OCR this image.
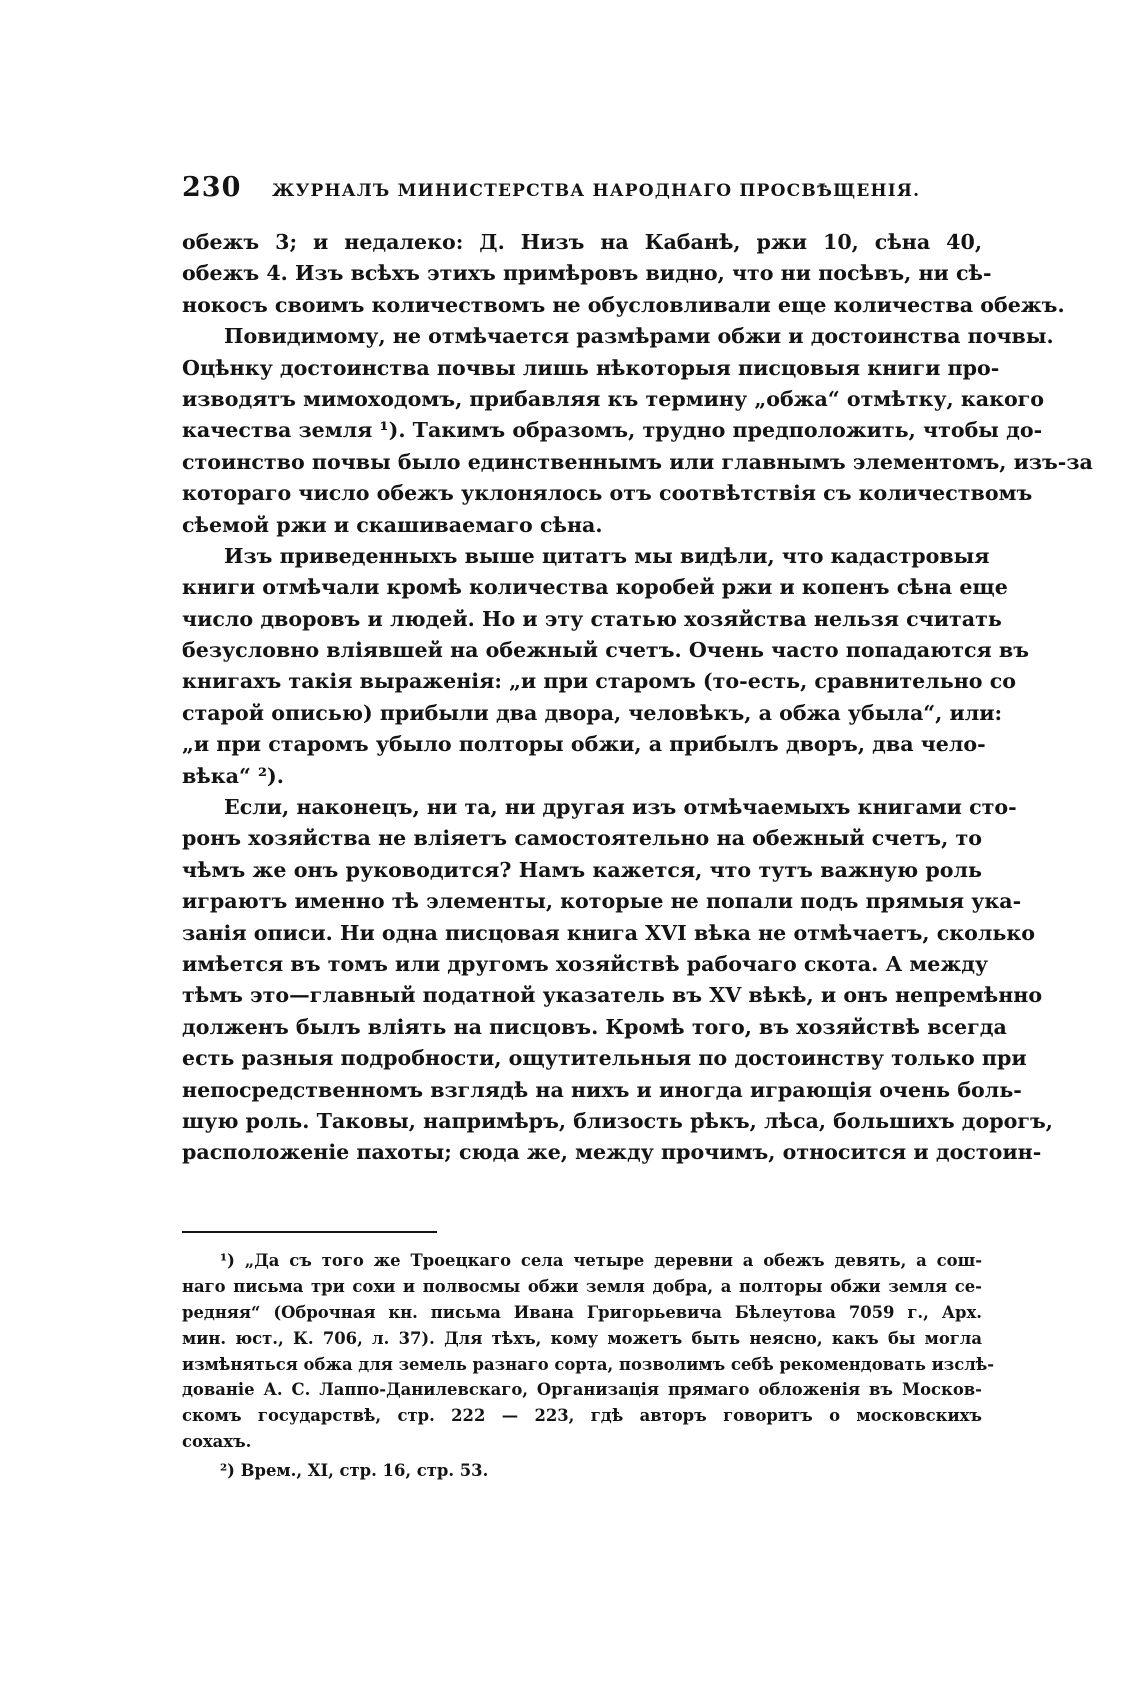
230	ЖУРНАЛЪ МИНИСТЕРСТВА НАРОДНАГО ПРОСВѢЩЕНІЯ.
обежъ 3; и недалеко: Д. Низъ на Кабанѣ, ржи 10, сѣна 40,
обежъ 4. Изъ всѣхъ этихъ примѣровъ видно, что ни посѣвъ, ни сѣ-
нокосъ своимъ количествомъ не обусловливали еще количества обежъ.
Повидимому, не отмѣчается размѣрами обжи и достоинства почвы.
Оцѣнку достоинства почвы лишь нѣкоторыя писцовыя книги про-
изводятъ мимоходомъ, прибавляя къ термину „обжа“ отмѣтку, какого
качества земля ¹). Такимъ образомъ, трудно предположить, чтобы до-
стоинство почвы было единственнымъ или главнымъ элементомъ, изъ-за
котораго число обежъ уклонялось отъ соотвѣтствія съ количествомъ
сѣемой ржи и скашиваемаго сѣна.
Изъ приведенныхъ выше цитатъ мы видѣли, что кадастровыя
книги отмѣчали кромѣ количества коробей ржи и копенъ сѣна еще
число дворовъ и людей. Но и эту статью хозяйства нельзя считать
безусловно вліявшей на обежный счетъ. Очень часто попадаются въ
книгахъ такія выраженія: „и при старомъ (то-есть, сравнительно со
старой описью) прибыли два двора, человѣкъ, а обжа убыла“, или:
„и при старомъ убыло полторы обжи, а прибылъ дворъ, два чело-
вѣка“ ²).
Если, наконецъ, ни та, ни другая изъ отмѣчаемыхъ книгами сто-
ронъ хозяйства не вліяетъ самостоятельно на обежный счетъ, то
чѣмъ же онъ руководится? Намъ кажется, что тутъ важную роль
играютъ именно тѣ элементы, которые не попали подъ прямыя ука-
занія описи. Ни одна писцовая книга XVI вѣка не отмѣчаетъ, сколько
имѣется въ томъ или другомъ хозяйствѣ рабочаго скота. А между
тѣмъ это—главный податной указатель въ XV вѣкѣ, и онъ непремѣнно
долженъ былъ вліять на писцовъ. Кромѣ того, въ хозяйствѣ всегда
есть разныя подробности, ощутительныя по достоинству только при
непосредственномъ взглядѣ на нихъ и иногда играющія очень боль-
шую роль. Таковы, напримѣръ, близость рѣкъ, лѣса, большихъ дорогъ,
расположеніе пахоты; сюда же, между прочимъ, относится и достоин-
¹) „Да съ того же Троецкаго села четыре деревни а обежъ девять, а сош-
наго письма три сохи и полвосмы обжи земля добра, а полторы обжи земля се-
редняя“ (Оброчная кн. письма Ивана Григорьевича Бѣлеутова 7059 г., Арх.
мин. юст., К. 706, л. 37). Для тѣхъ, кому можетъ быть неясно, какъ бы могла
измѣняться обжа для земель разнаго сорта, позволимъ себѣ рекомендовать изслѣ-
дованіе А. С. Лаппо-Данилевскаго, Организація прямаго обложенія въ Москов-
скомъ государствѣ, стр. 222 — 223, гдѣ авторъ говоритъ о московскихъ
сохахъ.
²) Врем., XI, стр. 16, стр. 53.
